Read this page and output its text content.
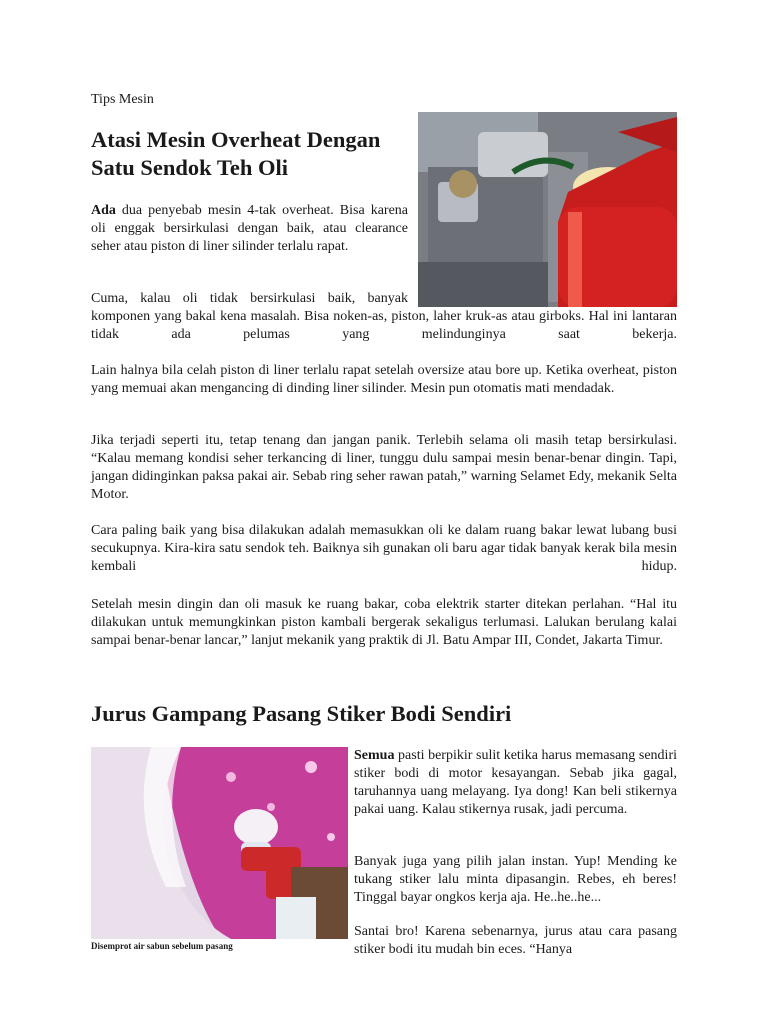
Tips Mesin
Atasi Mesin Overheat Dengan Satu Sendok Teh Oli

Ada dua penyebab mesin 4-tak overheat. Bisa karena oli enggak bersirkulasi dengan baik, atau clearance seher atau piston di liner silinder terlalu rapat.

Cuma, kalau oli tidak bersirkulasi baik, banyak

komponen yang bakal kena masalah. Bisa noken-as, piston, laher kruk-as atau girboks. Hal ini lantaran tidak ada pelumas yang melindunginya saat bekerja.

Lain halnya bila celah piston di liner terlalu rapat setelah oversize atau bore up. Ketika overheat, piston yang memuai akan mengancing di dinding liner silinder. Mesin pun otomatis mati mendadak.

Jika terjadi seperti itu, tetap tenang dan jangan panik. Terlebih selama oli masih tetap bersirkulasi. “Kalau memang kondisi seher terkancing di liner, tunggu dulu sampai mesin benar-benar dingin. Tapi, jangan didinginkan paksa pakai air. Sebab ring seher rawan patah,” warning Selamet Edy, mekanik Selta Motor.

Cara paling baik yang bisa dilakukan adalah memasukkan oli ke dalam ruang bakar lewat lubang busi secukupnya. Kira-kira satu sendok teh. Baiknya sih gunakan oli baru agar tidak banyak kerak bila mesin kembali hidup.

Setelah mesin dingin dan oli masuk ke ruang bakar, coba elektrik starter ditekan perlahan. “Hal itu dilakukan untuk memungkinkan piston kambali bergerak sekaligus terlumasi. Lalukan berulang kalai sampai benar-benar lancar,” lanjut mekanik yang praktik di Jl. Batu Ampar III, Condet, Jakarta Timur.

Jurus Gampang Pasang Stiker Bodi Sendiri
Disemprot air sabun sebelum pasang

Semua pasti berpikir sulit ketika harus memasang sendiri stiker bodi di motor kesayangan. Sebab jika gagal, taruhannya uang melayang. Iya dong! Kan beli stikernya pakai uang. Kalau stikernya rusak, jadi percuma.

Banyak juga yang pilih jalan instan. Yup! Mending ke tukang stiker lalu minta dipasangin. Rebes, eh beres! Tinggal bayar ongkos kerja aja. He..he..he...

Santai bro! Karena sebenarnya, jurus atau cara pasang stiker bodi itu mudah bin eces. “Hanya
